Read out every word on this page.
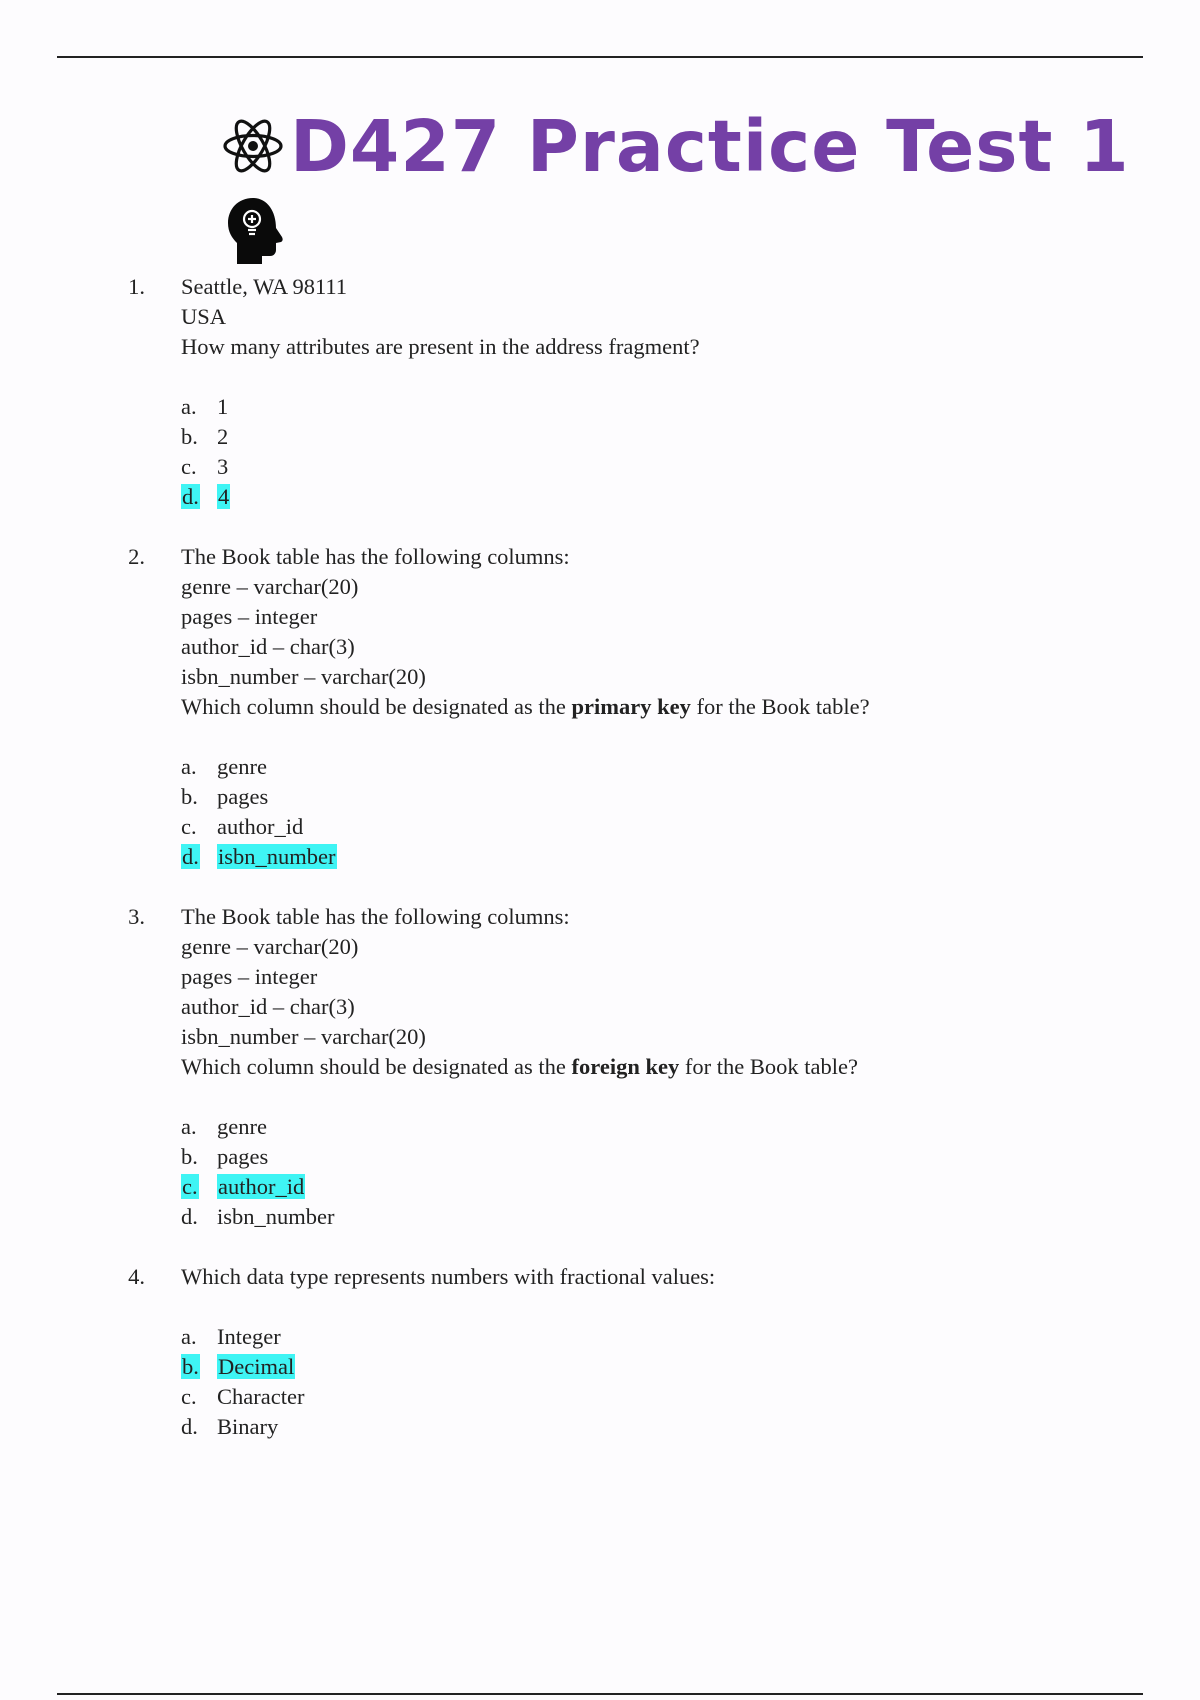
D427 Practice Test 1
1.	Seattle, WA 98111
USA
How many attributes are present in the address fragment?
a. 1
b. 2
c. 3
d. 4
2.	The Book table has the following columns:
genre – varchar(20)
pages – integer
author_id – char(3)
isbn_number – varchar(20)
Which column should be designated as the primary key for the Book table?
a. genre
b. pages
c. author_id
d. isbn_number
3.	The Book table has the following columns:
genre – varchar(20)
pages – integer
author_id – char(3)
isbn_number – varchar(20)
Which column should be designated as the foreign key for the Book table?
a. genre
b. pages
c. author_id
d. isbn_number
4.	Which data type represents numbers with fractional values:
a. Integer
b. Decimal
c. Character
d. Binary
